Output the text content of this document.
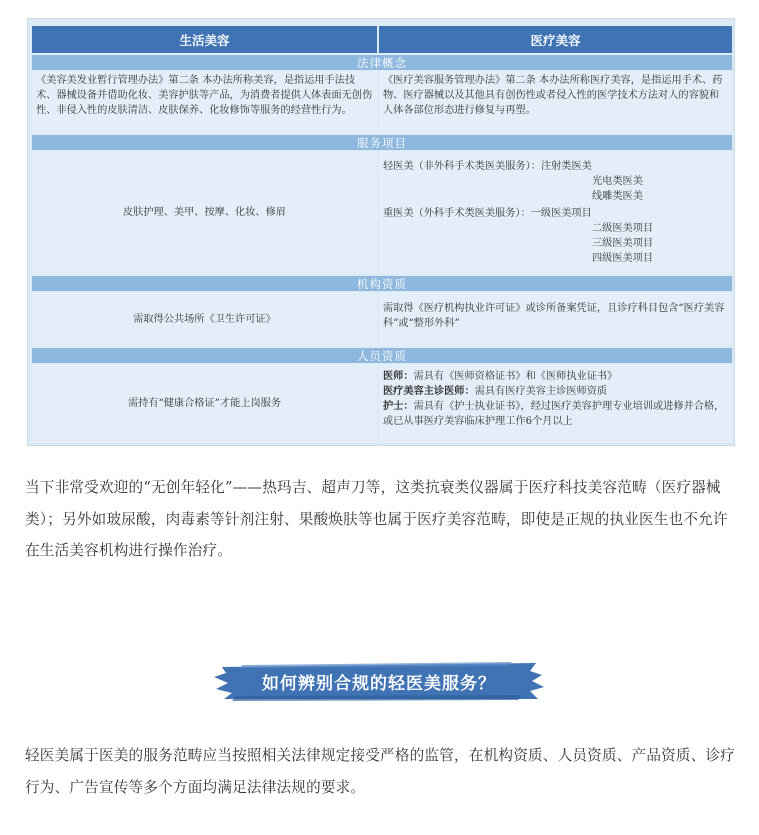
生活美容	医疗美容
法律概念
《美容美发业暂行管理办法》第二条 本办法所称美容，是指运用手法技术、器械设备并借助化妆、美容护肤等产品，为消费者提供人体表面无创伤性、非侵入性的皮肤清洁、皮肤保养、化妆修饰等服务的经营性行为。
《医疗美容服务管理办法》第二条 本办法所称医疗美容，是指运用手术、药物、医疗器械以及其他具有创伤性或者侵入性的医学技术方法对人的容貌和人体各部位形态进行修复与再塑。
服务项目
皮肤护理、美甲、按摩、化妆、修眉
轻医美（非外科手术类医美服务）：注射类医美
光电类医美
线雕类医美
重医美（外科手术类医美服务）：一级医美项目
二级医美项目
三级医美项目
四级医美项目
机构资质
需取得公共场所《卫生许可证》
需取得《医疗机构执业许可证》或诊所备案凭证，且诊疗科目包含“医疗美容科”或“整形外科”
人员资质
需持有“健康合格证”才能上岗服务
医师：需具有《医师资格证书》和《医师执业证书》
医疗美容主诊医师：需具有医疗美容主诊医师资质
护士：需具有《护士执业证书》，经过医疗美容护理专业培训或进修并合格，或已从事医疗美容临床护理工作6个月以上
当下非常受欢迎的“无创年轻化”——热玛吉、超声刀等，这类抗衰类仪器属于医疗科技美容范畴（医疗器械类）；另外如玻尿酸，肉毒素等针剂注射、果酸焕肤等也属于医疗美容范畴，即使是正规的执业医生也不允许在生活美容机构进行操作治疗。
如何辨别合规的轻医美服务？
轻医美属于医美的服务范畴应当按照相关法律规定接受严格的监管，在机构资质、人员资质、产品资质、诊疗行为、广告宣传等多个方面均满足法律法规的要求。
